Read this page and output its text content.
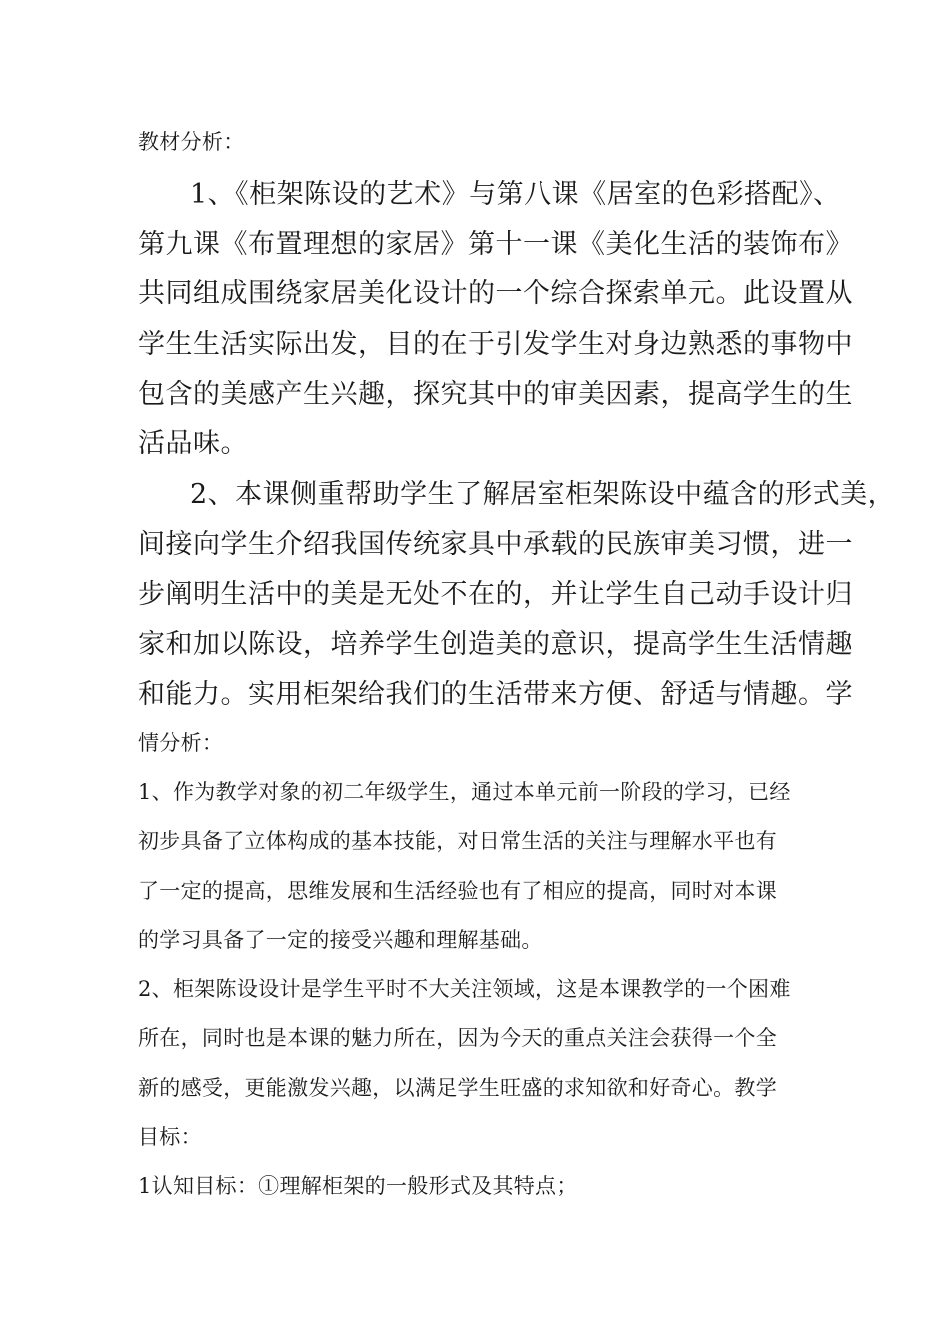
教材分析：

1、《柜架陈设的艺术》与第八课《居室的色彩搭配》、

第九课《布置理想的家居》第十一课《美化生活的装饰布》

共同组成围绕家居美化设计的一个综合探索单元。此设置从

学生生活实际出发，目的在于引发学生对身边熟悉的事物中

包含的美感产生兴趣，探究其中的审美因素，提高学生的生

活品味。

2、本课侧重帮助学生了解居室柜架陈设中蕴含的形式美，

间接向学生介绍我国传统家具中承载的民族审美习惯，进一

步阐明生活中的美是无处不在的，并让学生自己动手设计归

家和加以陈设，培养学生创造美的意识，提高学生生活情趣

和能力。实用柜架给我们的生活带来方便、舒适与情趣。学

情分析：

1、作为教学对象的初二年级学生，通过本单元前一阶段的学习，已经

初步具备了立体构成的基本技能，对日常生活的关注与理解水平也有

了一定的提高，思维发展和生活经验也有了相应的提高，同时对本课

的学习具备了一定的接受兴趣和理解基础。

2、柜架陈设设计是学生平时不大关注领域，这是本课教学的一个困难

所在，同时也是本课的魅力所在，因为今天的重点关注会获得一个全

新的感受，更能激发兴趣，以满足学生旺盛的求知欲和好奇心。教学

目标：

1认知目标：①理解柜架的一般形式及其特点；
